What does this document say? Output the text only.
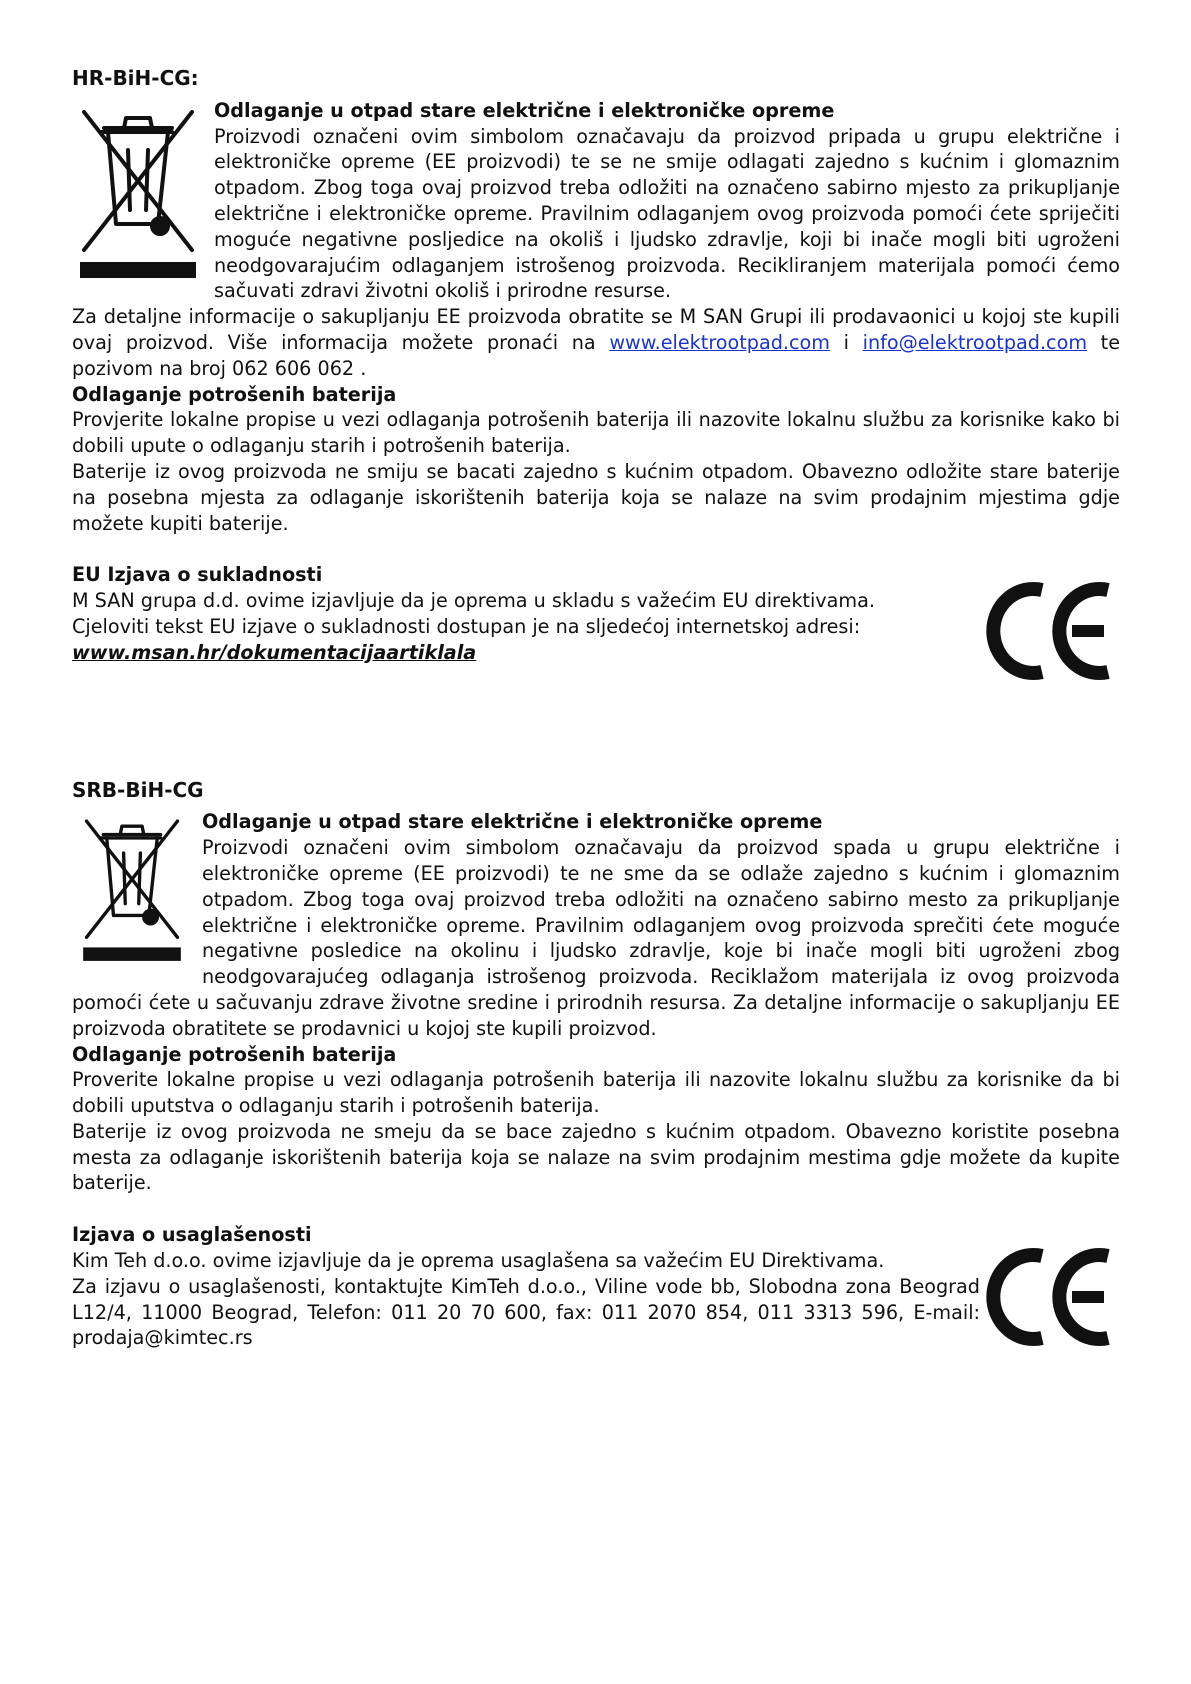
HR-BiH-CG:
Odlaganje u otpad stare električne i elektroničke opreme

Proizvodi označeni ovim simbolom označavaju da proizvod pripada u grupu električne i elektroničke opreme (EE proizvodi) te se ne smije odlagati zajedno s kućnim i glomaznim otpadom. Zbog toga ovaj proizvod treba odložiti na označeno sabirno mjesto za prikupljanje električne i elektroničke opreme. Pravilnim odlaganjem ovog proizvoda pomoći ćete spriječiti moguće negativne posljedice na okoliš i ljudsko zdravlje, koji bi inače mogli biti ugroženi neodgovarajućim odlaganjem istrošenog proizvoda. Recikliranjem materijala pomoći ćemo sačuvati zdravi životni okoliš i prirodne resurse.

Za detaljne informacije o sakupljanju EE proizvoda obratite se M SAN Grupi ili prodavaonici u kojoj ste kupili ovaj proizvod. Više informacija možete pronaći na www.elektrootpad.com i info@elektrootpad.com te pozivom na broj 062 606 062 .

Odlaganje potrošenih baterija

Provjerite lokalne propise u vezi odlaganja potrošenih baterija ili nazovite lokalnu službu za korisnike kako bi dobili upute o odlaganju starih i potrošenih baterija.

Baterije iz ovog proizvoda ne smiju se bacati zajedno s kućnim otpadom. Obavezno odložite stare baterije na posebna mjesta za odlaganje iskorištenih baterija koja se nalaze na svim prodajnim mjestima gdje možete kupiti baterije.

EU Izjava o sukladnosti

M SAN grupa d.d. ovime izjavljuje da je oprema u skladu s važećim EU direktivama.

Cjeloviti tekst EU izjave o sukladnosti dostupan je na sljedećoj internetskoj adresi:

www.msan.hr/dokumentacijaartiklala
SRB-BiH-CG
Odlaganje u otpad stare električne i elektroničke opreme

Proizvodi označeni ovim simbolom označavaju da proizvod spada u grupu električne i elektroničke opreme (EE proizvodi) te ne sme da se odlaže zajedno s kućnim i glomaznim otpadom. Zbog toga ovaj proizvod treba odložiti na označeno sabirno mesto za prikupljanje električne i elektroničke opreme. Pravilnim odlaganjem ovog proizvoda sprečiti ćete moguće negativne posledice na okolinu i ljudsko zdravlje, koje bi inače mogli biti ugroženi zbog neodgovarajućeg odlaganja istrošenog proizvoda. Reciklažom materijala iz ovog proizvoda pomoći ćete u sačuvanju zdrave životne sredine i prirodnih resursa. Za detaljne informacije o sakupljanju EE proizvoda obratitete se prodavnici u kojoj ste kupili proizvod.

Odlaganje potrošenih baterija

Proverite lokalne propise u vezi odlaganja potrošenih baterija ili nazovite lokalnu službu za korisnike da bi dobili uputstva o odlaganju starih i potrošenih baterija.

Baterije iz ovog proizvoda ne smeju da se bace zajedno s kućnim otpadom. Obavezno koristite posebna mesta za odlaganje iskorištenih baterija koja se nalaze na svim prodajnim mestima gdje možete da kupite baterije.

Izjava o usaglašenosti

Kim Teh d.o.o. ovime izjavljuje da je oprema usaglašena sa važećim EU Direktivama.

Za izjavu o usaglašenosti, kontaktujte KimTeh d.o.o., Viline vode bb, Slobodna zona Beograd L12/4, 11000 Beograd, Telefon: 011 20 70 600, fax: 011 2070 854, 011 3313 596, E-mail: prodaja@kimtec.rs
